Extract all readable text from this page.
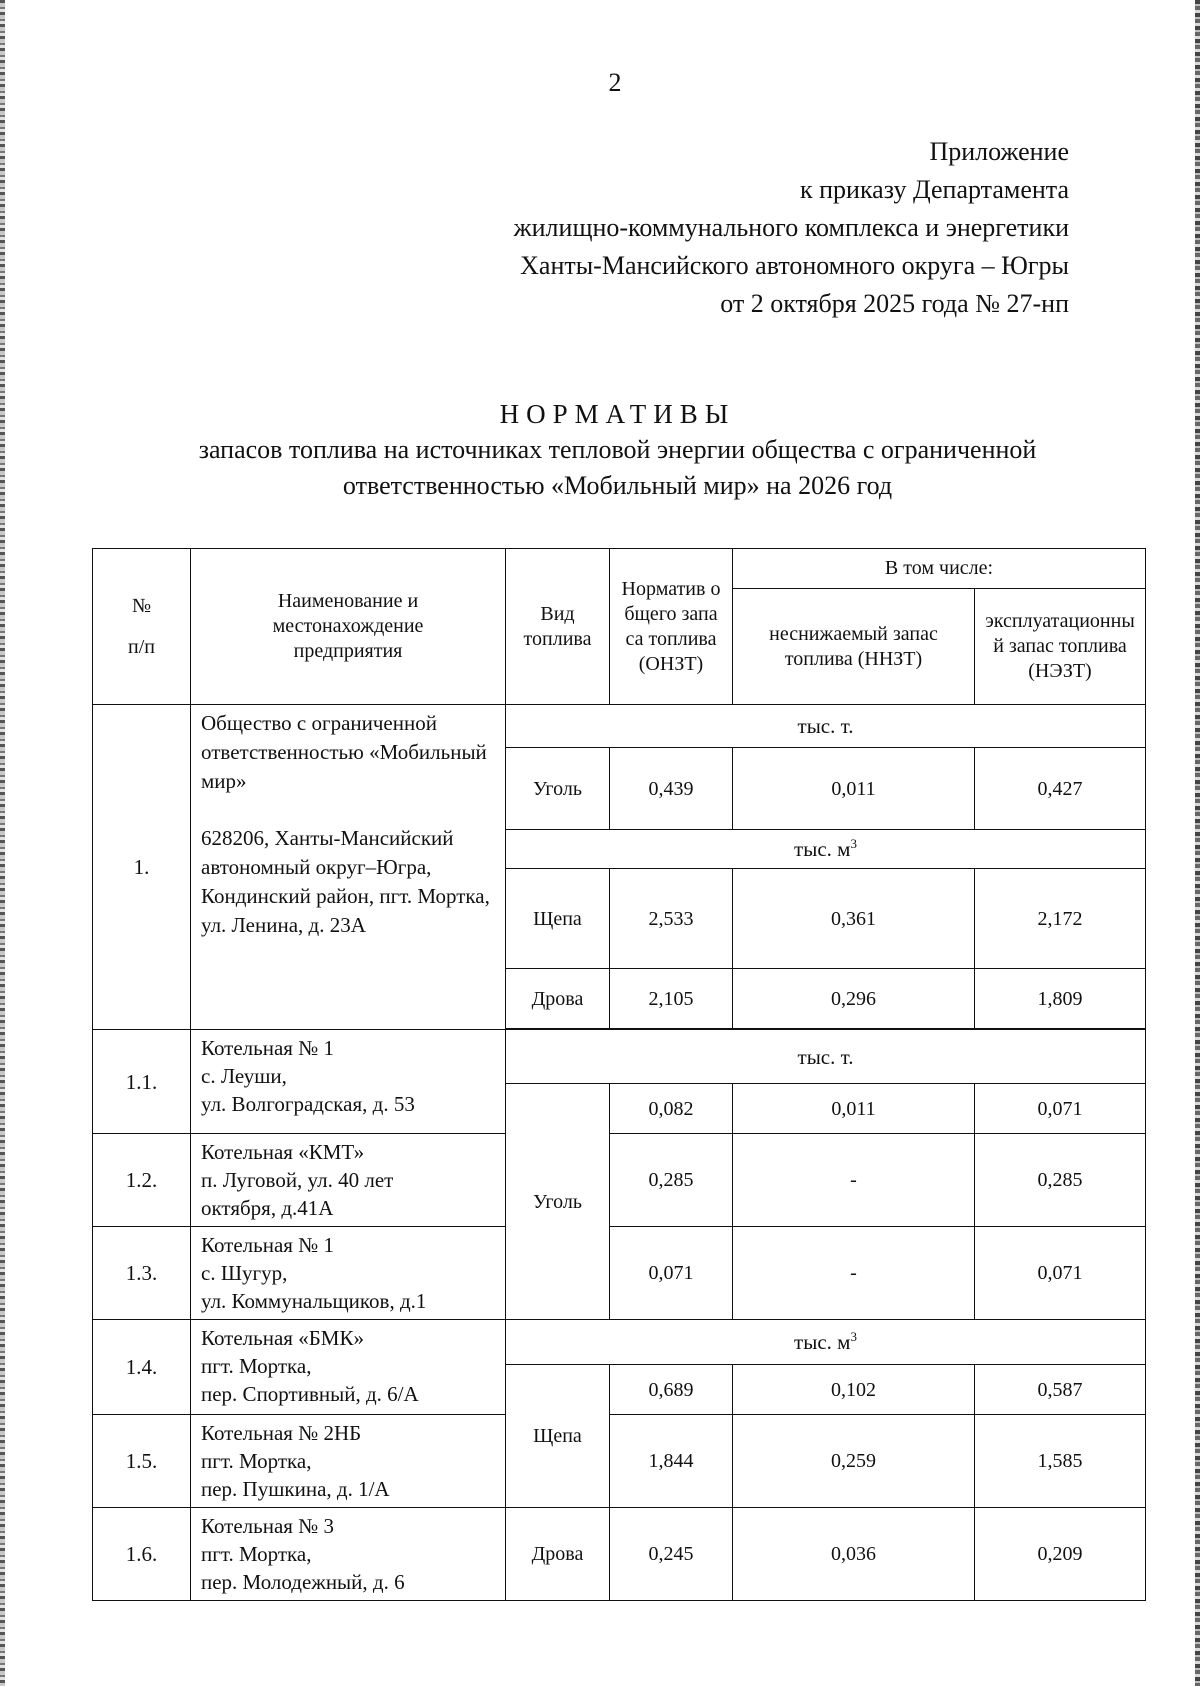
2
Приложение
к приказу Департамента
жилищно-коммунального комплекса и энергетики
Ханты-Мансийского автономного округа – Югры
от 2 октября 2025 года № 27-нп
НОРМАТИВЫ
запасов топлива на источниках тепловой энергии общества с ограниченной
ответственностью «Мобильный мир» на 2026 год
№
п/п	Наименование и местонахождение предприятия	Вид топлива	Норматив общего запаса топлива (ОНЗТ)	В том числе:	
				неснижаемый запас топлива (ННЗТ)	эксплуатационный запас топлива (НЭЗТ)
1.	Общество с ограниченной ответственностью «Мобильный мир»
628206, Ханты-Мансийский автономный округ–Югра, Кондинский район, пгт. Мортка, ул. Ленина, д. 23А	тыс. т.			
		Уголь	0,439	0,011	0,427
		тыс. $м^3$
		Щепа	2,533	0,361	2,172
		Дрова	2,105	0,296	1,809

1.1.	Котельная № 1
с. Леуши,
ул. Волгоградская, д. 53	тыс. т.			
		Уголь	0,082	0,011	0,071
1.2.	Котельная «КМТ»
п. Луговой, ул. 40 лет
октября, д.41А		0,285	-	0,285
1.3.	Котельная № 1
с. Шугур,
ул. Коммунальщиков, д.1		0,071	-	0,071
1.4.	Котельная «БМК»
пгт. Мортка,
пер. Спортивный, д. 6/А	тыс. $м^3$
		Щепа	0,689	0,102	0,587
1.5.	Котельная № 2НБ
пгт. Мортка,
пер. Пушкина, д. 1/А		1,844	0,259	1,585
1.6.	Котельная № 3
пгт. Мортка,
пер. Молодежный, д. 6	Дрова	0,245	0,036	0,209
